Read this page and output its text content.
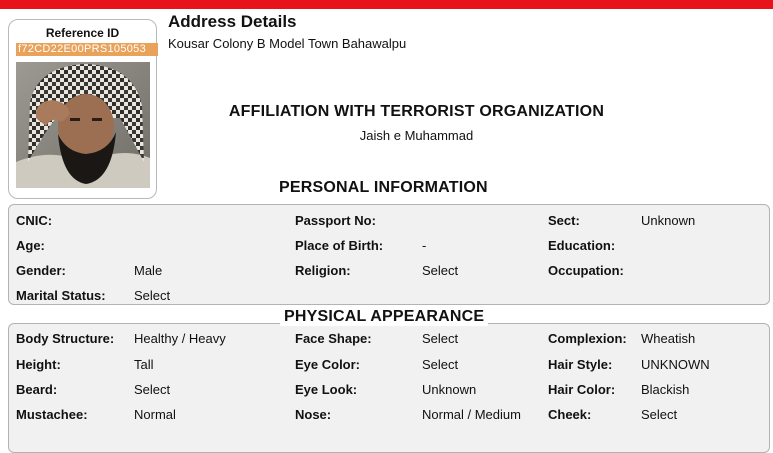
Reference ID
f72CD22E00PRS105053
Address Details
Kousar Colony B Model Town Bahawalpu
AFFILIATION WITH TERRORIST ORGANIZATION
Jaish e Muhammad
PERSONAL INFORMATION
CNIC:	Passport No:	Sect:	Unknown
Age:	Place of Birth:	-	Education:
Gender:	Male	Religion:	Select	Occupation:
Marital Status: Select
Body Structure: Healthy / Heavy	Face Shape:	Select	Complexion: Wheatish
Height:	Tall	Eye Color:	Select	Hair Style: UNKNOWN
Beard:	Select	Eye Look:	Unknown	Hair Color: Blackish
Mustachee:	Normal	Nose:	Normal / Medium	Cheek:	Select
PHYSICAL APPEARANCE
